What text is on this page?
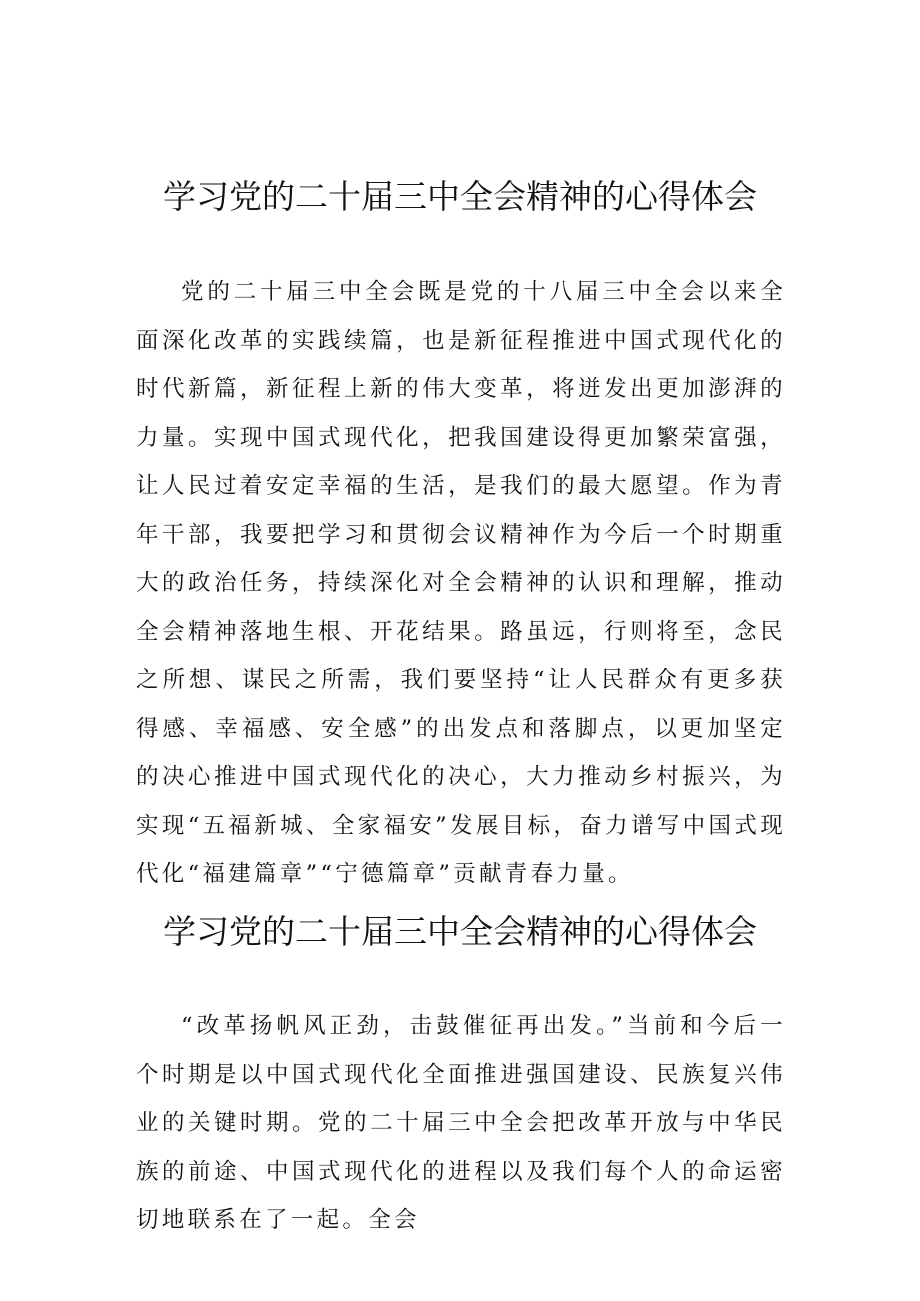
学习党的二十届三中全会精神的心得体会

党的二十届三中全会既是党的十八届三中全会以来全面深化改革的实践续篇，也是新征程推进中国式现代化的时代新篇，新征程上新的伟大变革，将迸发出更加澎湃的力量。实现中国式现代化，把我国建设得更加繁荣富强，让人民过着安定幸福的生活，是我们的最大愿望。作为青年干部，我要把学习和贯彻会议精神作为今后一个时期重大的政治任务，持续深化对全会精神的认识和理解，推动全会精神落地生根、开花结果。路虽远，行则将至，念民之所想、谋民之所需，我们要坚持“让人民群众有更多获得感、幸福感、安全感”的出发点和落脚点，以更加坚定的决心推进中国式现代化的决心，大力推动乡村振兴，为实现“五福新城、全家福安”发展目标，奋力谱写中国式现代化“福建篇章”“宁德篇章”贡献青春力量。

学习党的二十届三中全会精神的心得体会

“改革扬帆风正劲，击鼓催征再出发。”当前和今后一个时期是以中国式现代化全面推进强国建设、民族复兴伟业的关键时期。党的二十届三中全会把改革开放与中华民族的前途、中国式现代化的进程以及我们每个人的命运密切地联系在了一起。全会
